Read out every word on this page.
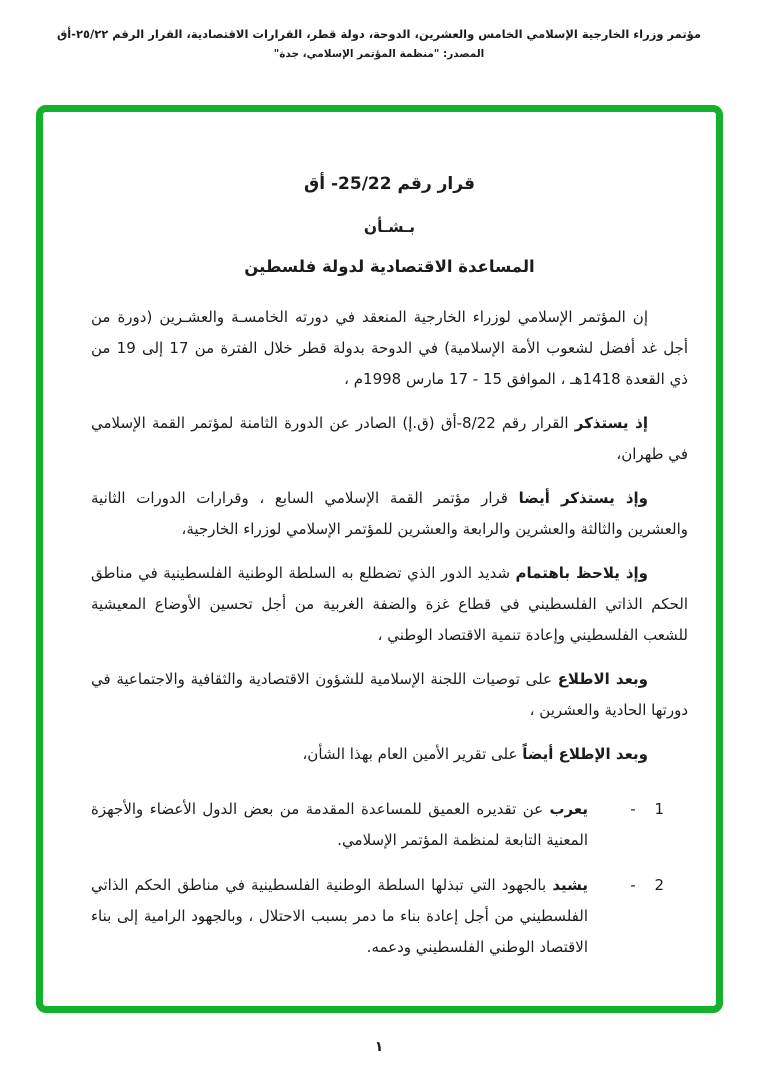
مؤتمر وزراء الخارجية الإسلامي الخامس والعشرين، الدوحة، دولة قطر، القرارات الاقتصادية، القرار الرقم ٢٥/٢٢-أق
المصدر: "منظمة المؤتمر الإسلامي، جدة"
قرار رقم 25/22- أق
بـشـأن
المساعدة الاقتصادية لدولة فلسطين

إن المؤتمر الإسلامي لوزراء الخارجية المنعقد في دورته الخامسـة والعشـرين (دورة من أجل غد أفضل لشعوب الأمة الإسلامية) في الدوحة بدولة قطر خلال الفترة من 17 إلى 19 من ذي القعدة 1418هـ ، الموافق 15 - 17 مارس 1998م ،

إذ يستذكر القرار رقم 8/22-أق (ق.إ) الصادر عن الدورة الثامنة لمؤتمر القمة الإسلامي في طهران،

وإذ يستذكر أيضا قرار مؤتمر القمة الإسلامي السابع ، وقرارات الدورات الثانية والعشرين والثالثة والعشرين والرابعة والعشرين للمؤتمر الإسلامي لوزراء الخارجية،

وإذ يلاحظ باهتمام شديد الدور الذي تضطلع به السلطة الوطنية الفلسطينية في مناطق الحكم الذاتي الفلسطيني في قطاع غزة والضفة الغربية من أجل تحسين الأوضاع المعيشية للشعب الفلسطيني وإعادة تنمية الاقتصاد الوطني ،

وبعد الاطلاع على توصيات اللجنة الإسلامية للشؤون الاقتصادية والثقافية والاجتماعية في دورتها الحادية والعشرين ،

وبعد الإطلاع أيضاً على تقرير الأمين العام بهذا الشأن،

1 -
يعرب عن تقديره العميق للمساعدة المقدمة من بعض الدول الأعضاء والأجهزة المعنية التابعة لمنظمة المؤتمر الإسلامي.
2 -
يشيد بالجهود التي تبذلها السلطة الوطنية الفلسطينية في مناطق الحكم الذاتي الفلسطيني من أجل إعادة بناء ما دمر بسبب الاحتلال ، وبالجهود الرامية إلى بناء الاقتصاد الوطني الفلسطيني ودعمه.
١
